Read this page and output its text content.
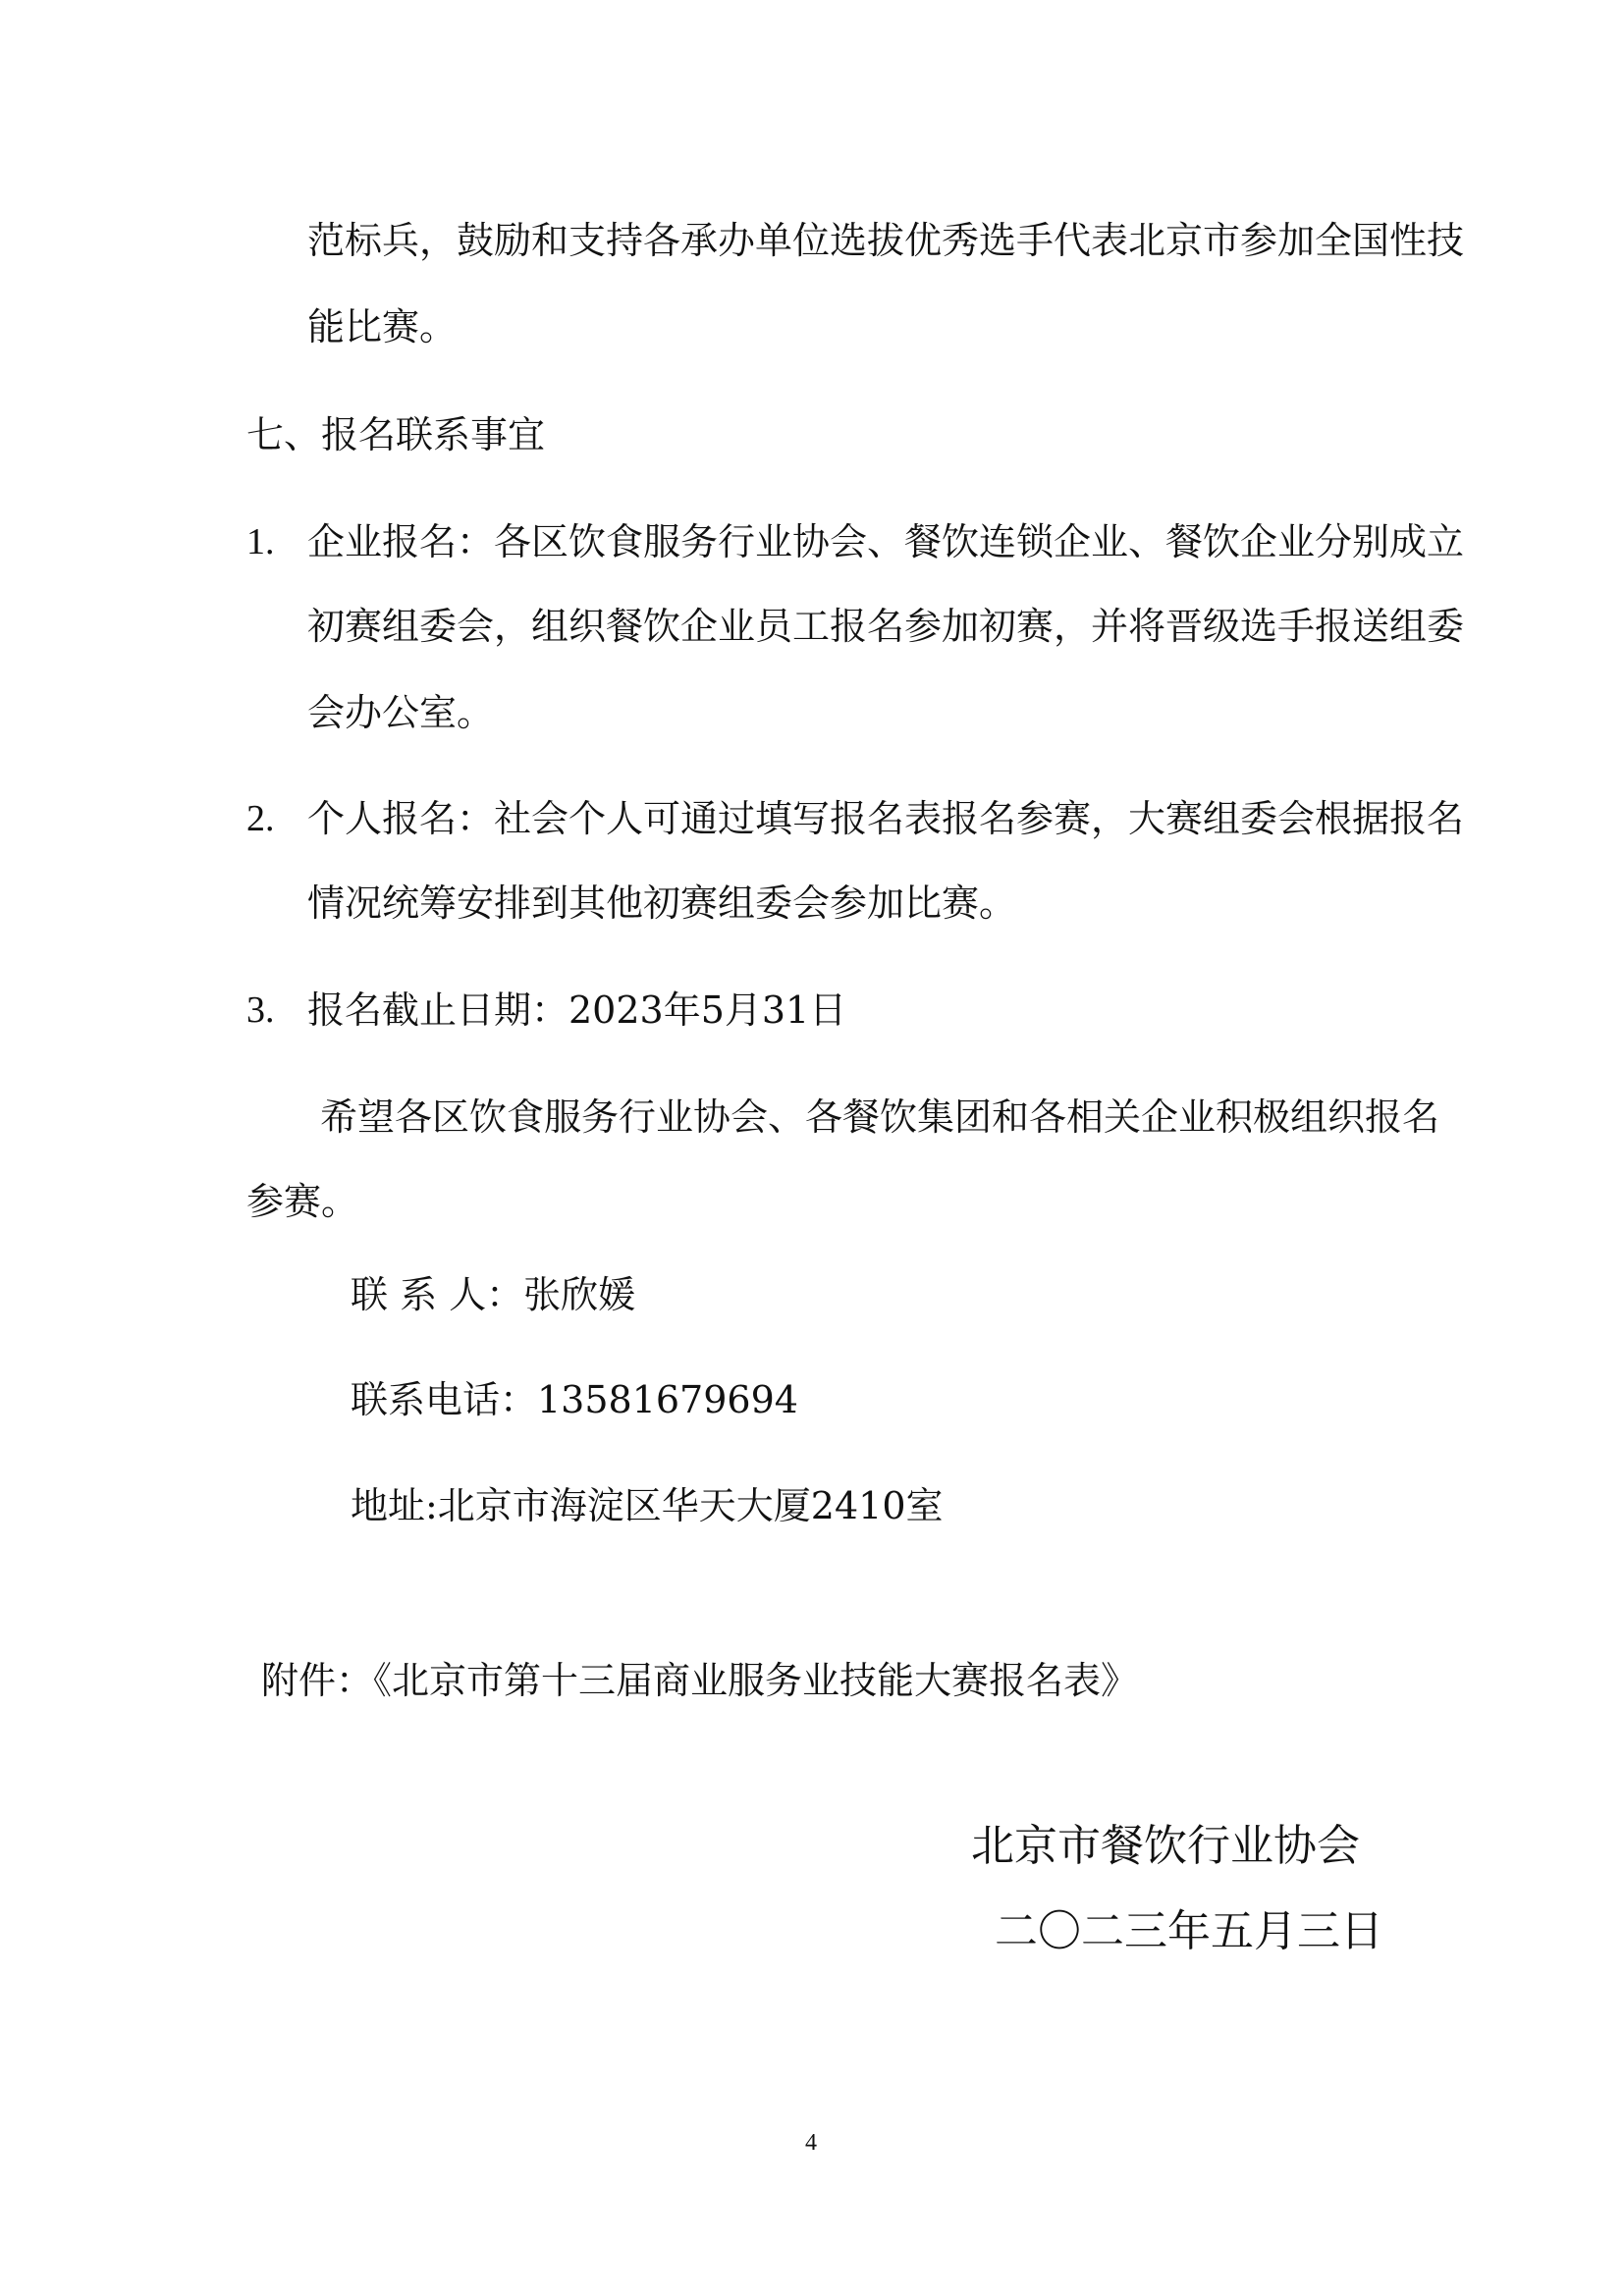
范标兵，鼓励和支持各承办单位选拔优秀选手代表北京市参加全国性技
能比赛。
七、报名联系事宜
1. 企业报名：各区饮食服务行业协会、餐饮连锁企业、餐饮企业分别成立
初赛组委会，组织餐饮企业员工报名参加初赛，并将晋级选手报送组委
会办公室。
2. 个人报名：社会个人可通过填写报名表报名参赛，大赛组委会根据报名
情况统筹安排到其他初赛组委会参加比赛。
3. 报名截止日期：2023年5月31日
希望各区饮食服务行业协会、各餐饮集团和各相关企业积极组织报名
参赛。
联 系 人：张欣媛
联系电话：13581679694
地址:北京市海淀区华天大厦2410室
附件：《北京市第十三届商业服务业技能大赛报名表》
北京市餐饮行业协会
二〇二三年五月三日
4
